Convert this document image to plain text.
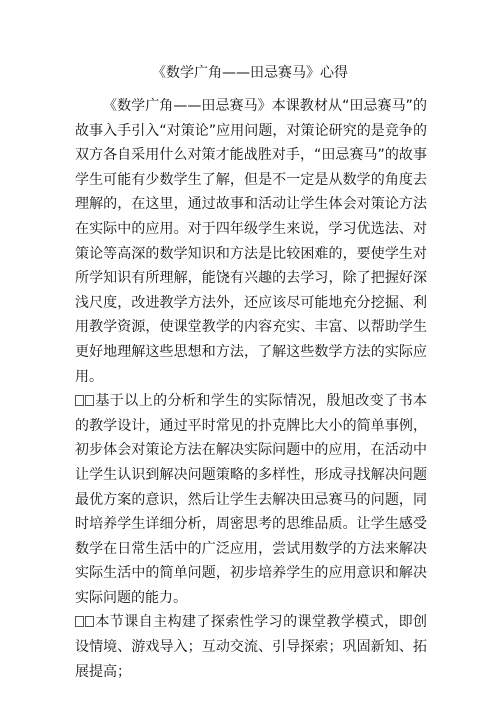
《数学广角——田忌赛马》心得

《数学广角——田忌赛马》本课教材从“田忌赛马”的故事入手引入“对策论”应用问题，对策论研究的是竞争的双方各自采用什么对策才能战胜对手，“田忌赛马”的故事学生可能有少数学生了解，但是不一定是从数学的角度去理解的，在这里，通过故事和活动让学生体会对策论方法在实际中的应用。对于四年级学生来说，学习优选法、对策论等高深的数学知识和方法是比较困难的，要使学生对所学知识有所理解，能饶有兴趣的去学习，除了把握好深浅尺度，改进教学方法外，还应该尽可能地充分挖掘、利用教学资源，使课堂教学的内容充实、丰富、以帮助学生更好地理解这些思想和方法，了解这些数学方法的实际应用。

基于以上的分析和学生的实际情况，殷旭改变了书本的教学设计，通过平时常见的扑克牌比大小的简单事例，初步体会对策论方法在解决实际问题中的应用，在活动中让学生认识到解决问题策略的多样性，形成寻找解决问题最优方案的意识，然后让学生去解决田忌赛马的问题，同时培养学生详细分析，周密思考的思维品质。让学生感受数学在日常生活中的广泛应用，尝试用数学的方法来解决实际生活中的简单问题，初步培养学生的应用意识和解决实际问题的能力。

本节课自主构建了探索性学习的课堂教学模式，即创设情境、游戏导入；互动交流、引导探索；巩固新知、拓展提高；
